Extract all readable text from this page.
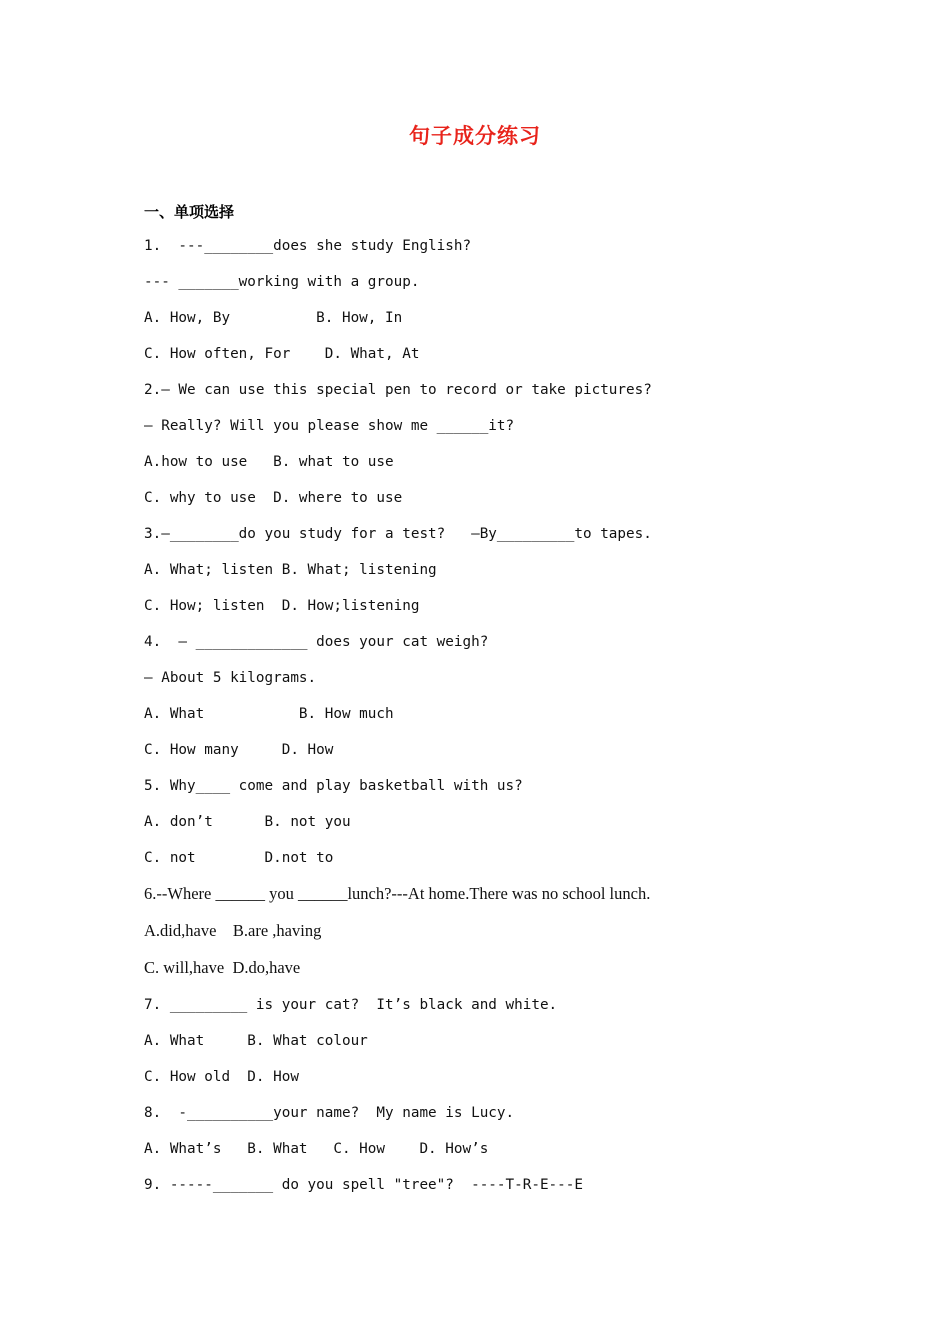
句子成分练习
一、单项选择
1.  ---________does she study English?
--- _______working with a group.
A. How, By          B. How, In
C. How often, For    D. What, At
2.— We can use this special pen to record or take pictures?
— Really? Will you please show me ______it?
A.how to use   B. what to use
C. why to use  D. where to use
3.—________do you study for a test?   —By_________to tapes.
A. What; listen B. What; listening
C. How; listen  D. How;listening
4.  — _____________ does your cat weigh?
— About 5 kilograms.
A. What           B. How much
C. How many     D. How
5. Why____ come and play basketball with us?
A. don’t      B. not you
C. not        D.not to
6.--Where ______ you ______lunch?---At home.There was no school lunch.
A.did,have    B.are ,having
C. will,have  D.do,have
7. _________ is your cat?  It’s black and white.
A. What     B. What colour
C. How old  D. How
8.  -__________your name?  My name is Lucy.
A. What’s   B. What   C. How    D. How’s
9. -----_______ do you spell "tree"?  ----T-R-E---E
